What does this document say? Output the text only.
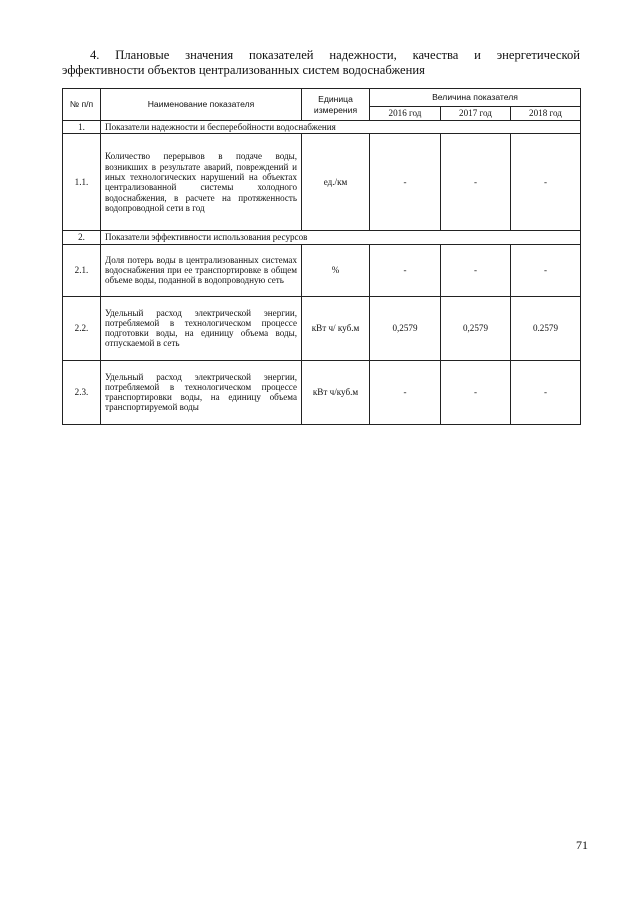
4. Плановые значения показателей надежности, качества и энергетической
эффективности объектов централизованных систем водоснабжения
№ п/п	Наименование показателя	Единица измерения	Величина показателя		
			2016 год	2017 год	2018 год
1.	Показатели надежности и бесперебойности водоснабжения				
1.1.	Количество перерывов в подаче воды, возникших в результате аварий, повреждений и иных технологических нарушений на объектах централизованной системы холодного водоснабжения, в расчете на протяженность водопроводной сети в год	ед./км	-	-	-
2.	Показатели эффективности использования ресурсов				
2.1.	Доля потерь воды в централизованных системах водоснабжения при ее транспортировке в общем объеме воды, поданной в водопроводную сеть	%	-	-	-
2.2.	Удельный расход электрической энергии, потребляемой в технологическом процессе подготовки воды, на единицу объема воды, отпускаемой в сеть	кВт ч/ куб.м	0,2579	0,2579	0.2579
2.3.	Удельный расход электрической энергии, потребляемой в технологическом процессе транспортировки воды, на единицу объема транспортируемой воды	кВт ч/куб.м	-	-	-
71
